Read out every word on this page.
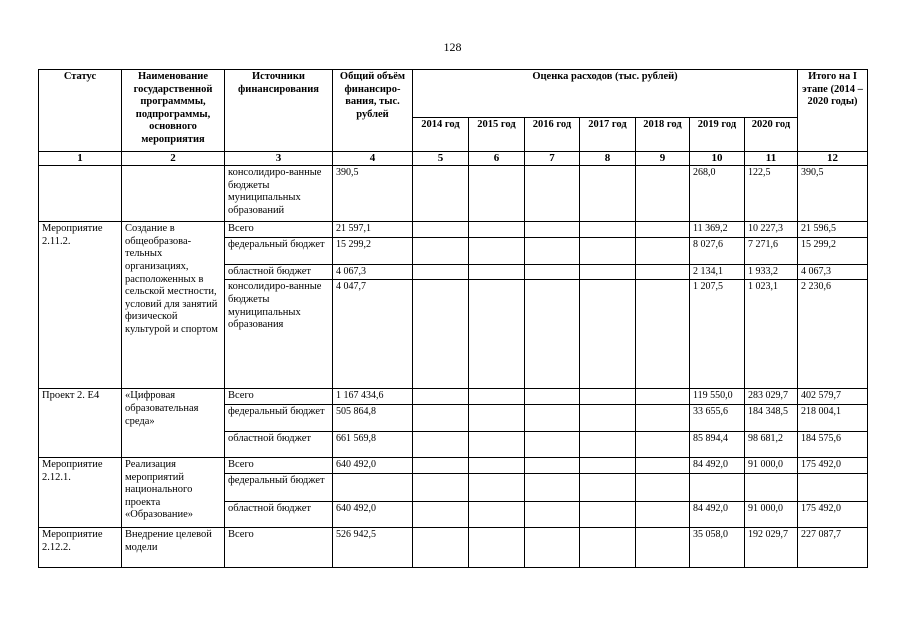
128
Статус	Наименование государственной программмы, подпрограммы, основного мероприятия	Источники финансирования	Общий объём финансиро-вания, тыс. рублей	Оценка расходов (тыс. рублей)							Итого на I этапе (2014 – 2020 годы)
				2014 год	2015 год	2016 год	2017 год	2018 год	2019 год	2020 год	
1	2	3	4	5	6	7	8	9	10	11	12
		консолидиро-ванные бюджеты муниципальных образований	390,5						268,0	122,5	390,5
Мероприятие 2.11.2.	Создание в общеобразова-тельных организациях, расположенных в сельской местности, условий для занятий физической культурой и спортом	Всего	21 597,1						11 369,2	10 227,3	21 596,5
		федеральный бюджет	15 299,2						8 027,6	7 271,6	15 299,2
		областной бюджет	4 067,3						2 134,1	1 933,2	4 067,3
		консолидиро-ванные бюджеты муниципальных образования	4 047,7						1 207,5	1 023,1	2 230,6
Проект 2. Е4	«Цифровая образовательная среда»	Всего	1 167 434,6						119 550,0	283 029,7	402 579,7
		федеральный бюджет	505 864,8						33 655,6	184 348,5	218 004,1
		областной бюджет	661 569,8						85 894,4	98 681,2	184 575,6
Мероприятие 2.12.1.	Реализация мероприятий национального проекта «Образование»	Всего	640 492,0						84 492,0	91 000,0	175 492,0
		федеральный бюджет									
		областной бюджет	640 492,0						84 492,0	91 000,0	175 492,0
Мероприятие 2.12.2.	Внедрение целевой модели	Всего	526 942,5						35 058,0	192 029,7	227 087,7
